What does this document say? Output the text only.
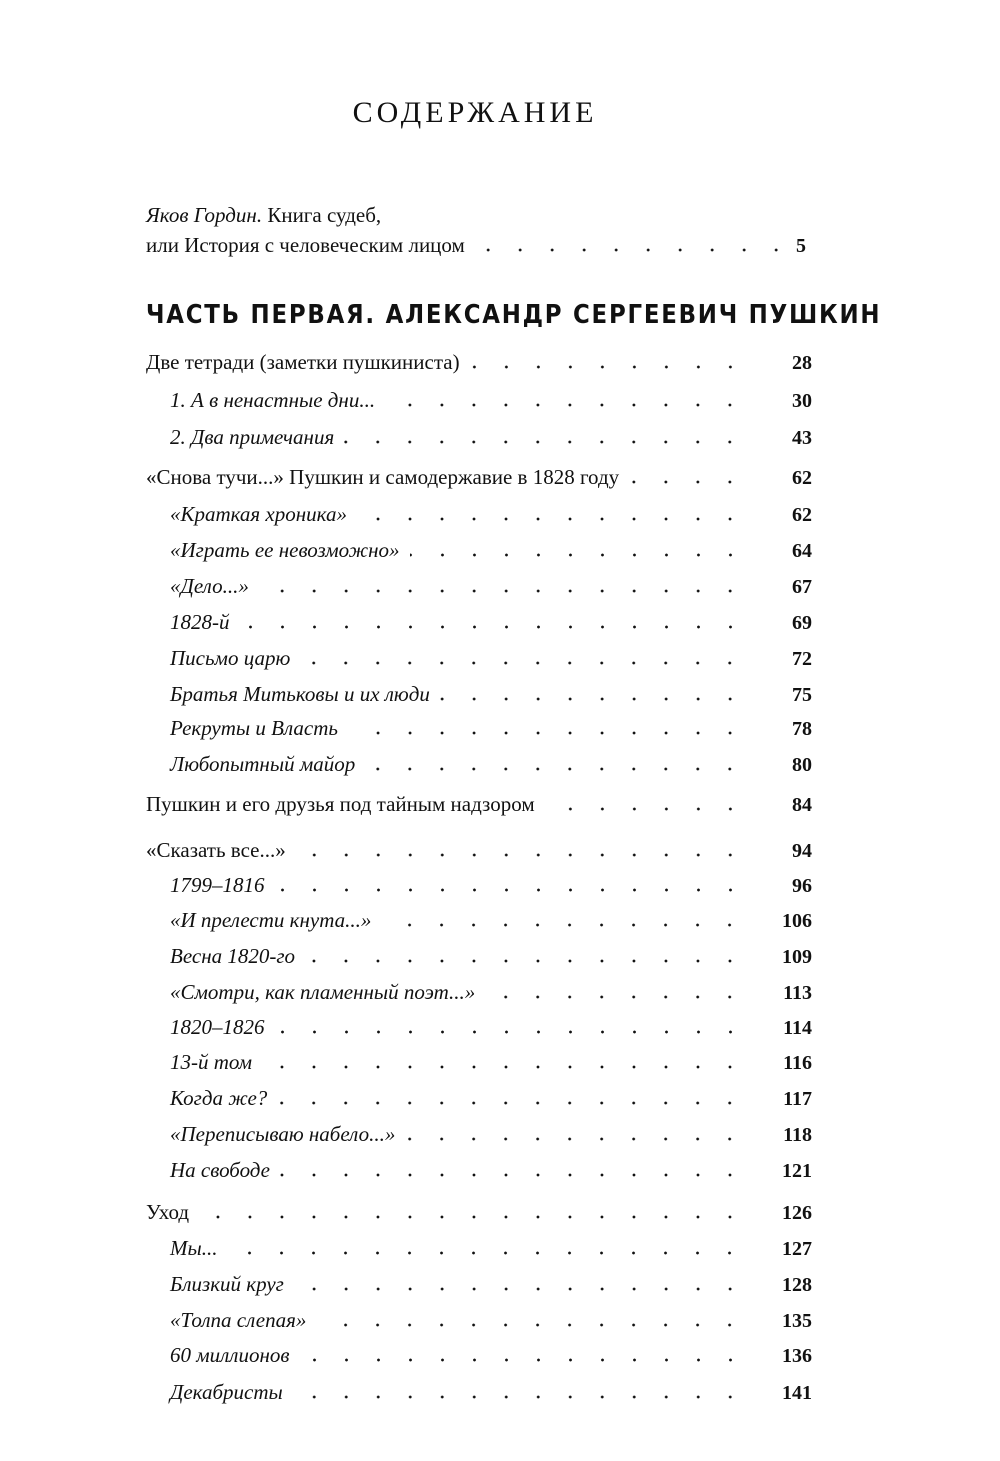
СОДЕРЖАНИЕ
Яков Гордин.
Книга судеб,
или История с человеческим лицом	5
ЧАСТЬ ПЕРВАЯ. АЛЕКСАНДР СЕРГЕЕВИЧ ПУШКИН
Две тетради (заметки пушкиниста)	28
1. А в ненастные дни...	30
2. Два примечания	43
«Снова тучи...» Пушкин и самодержавие в 1828 году	62
«Краткая хроника»	62
«Играть ее невозможно»	64
«Дело...»	67
1828-й	69
Письмо царю	72
Братья Митьковы и их люди	75
Рекруты и Власть	78
Любопытный майор	80
Пушкин и его друзья под тайным надзором	84
«Сказать все...»	94
1799–1816	96
«И прелести кнута...»	106
Весна 1820-го	109
«Смотри, как пламенный поэт...»	113
1820–1826	114
13-й том	116
Когда же?	117
«Переписываю набело...»	118
На свободе	121
Уход	126
Мы...	127
Близкий круг	128
«Толпа слепая»	135
60 миллионов	136
Декабристы	141
